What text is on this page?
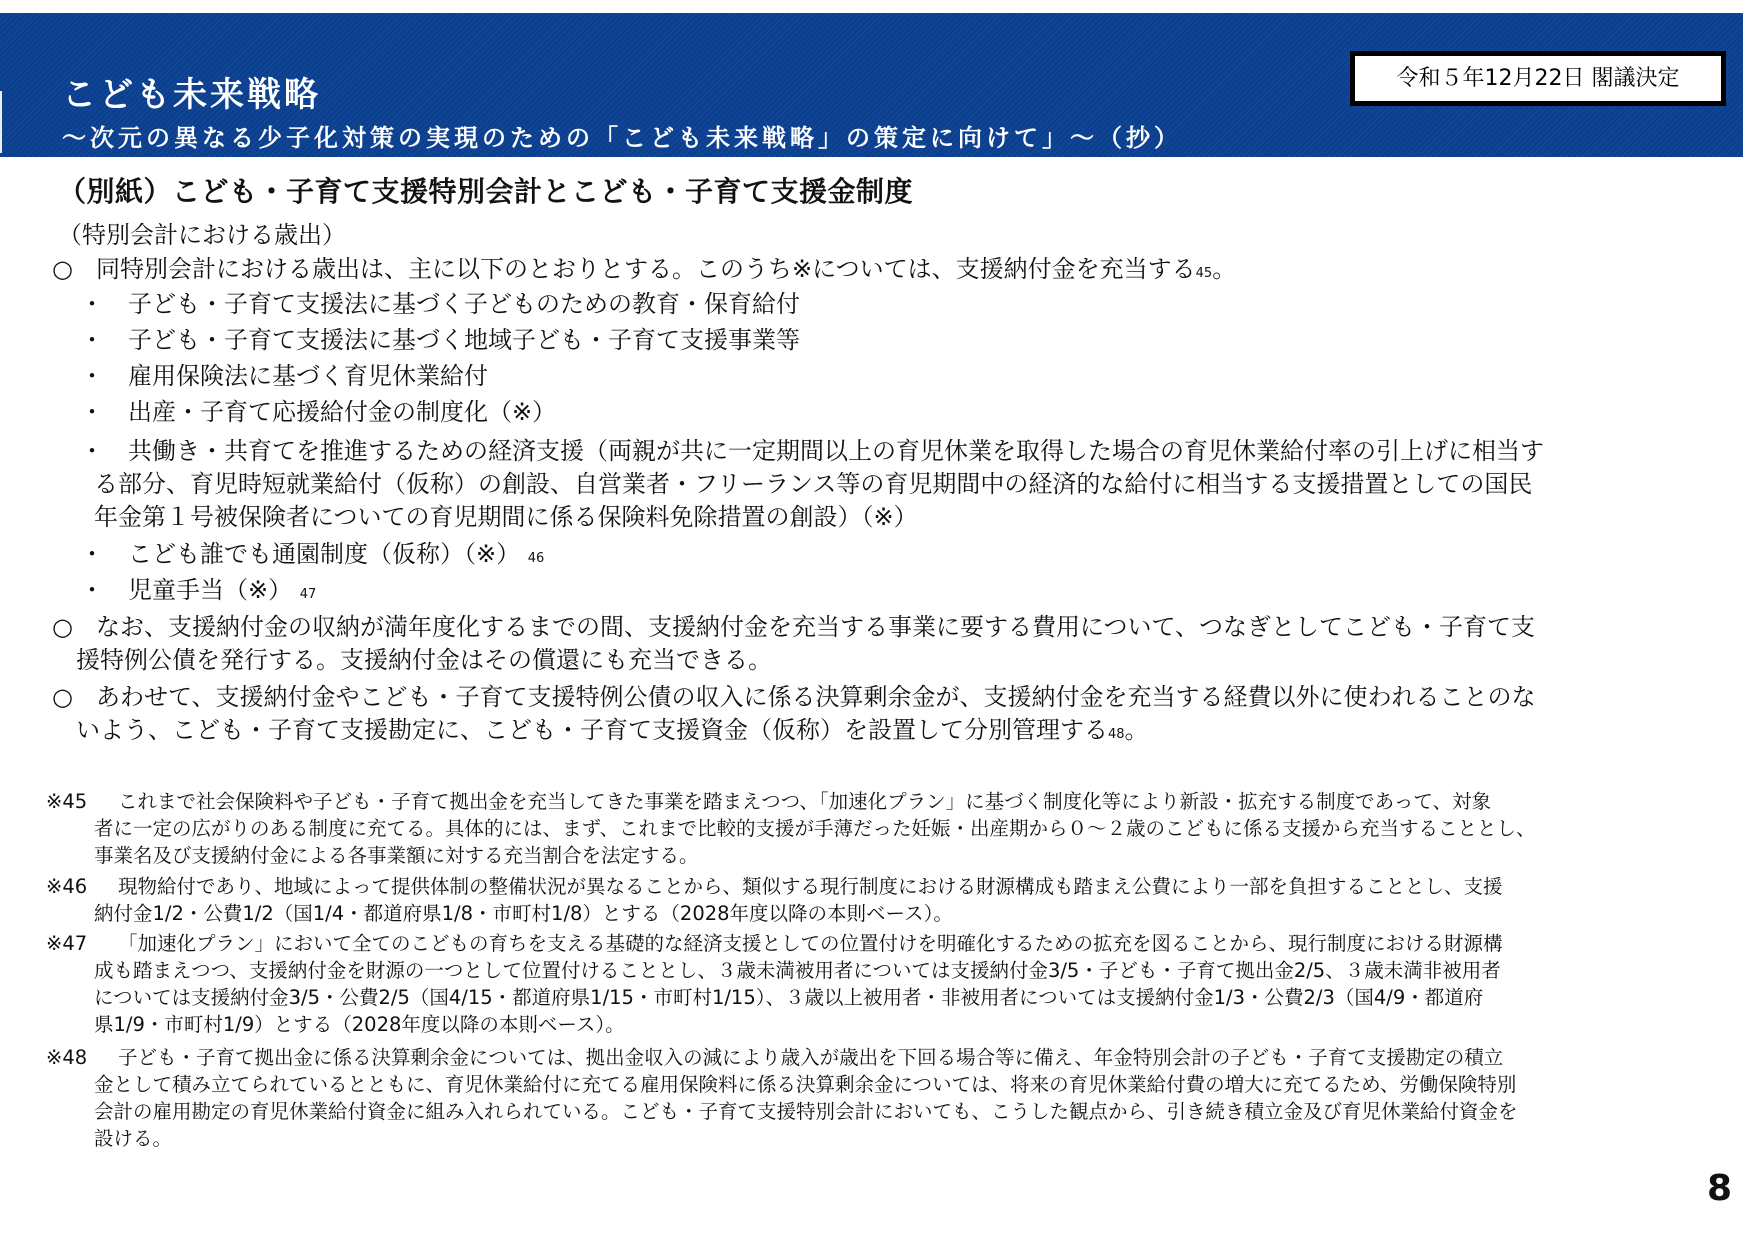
こども未来戦略
～次元の異なる少子化対策の実現のための「こども未来戦略」の策定に向けて」～（抄）
令和５年12月22日 閣議決定
（別紙）こども・子育て支援特別会計とこども・子育て支援金制度
（特別会計における歳出）
○ 同特別会計における歳出は、主に以下のとおりとする。このうち※については、支援納付金を充当する45。
・ 子ども・子育て支援法に基づく子どものための教育・保育給付
・ 子ども・子育て支援法に基づく地域子ども・子育て支援事業等
・ 雇用保険法に基づく育児休業給付
・ 出産・子育て応援給付金の制度化（※）
・ 共働き・共育てを推進するための経済支援（両親が共に一定期間以上の育児休業を取得した場合の育児休業給付率の引上げに相当す
る部分、育児時短就業給付（仮称）の創設、自営業者・フリーランス等の育児期間中の経済的な給付に相当する支援措置としての国民
年金第１号被保険者についての育児期間に係る保険料免除措置の創設）（※）
・ こども誰でも通園制度（仮称）（※） 46
・ 児童手当（※） 47
○ なお、支援納付金の収納が満年度化するまでの間、支援納付金を充当する事業に要する費用について、つなぎとしてこども・子育て支
援特例公債を発行する。支援納付金はその償還にも充当できる。
○ あわせて、支援納付金やこども・子育て支援特例公債の収入に係る決算剰余金が、支援納付金を充当する経費以外に使われることのな
いよう、こども・子育て支援勘定に、こども・子育て支援資金（仮称）を設置して分別管理する48。
※45 これまで社会保険料や子ども・子育て拠出金を充当してきた事業を踏まえつつ、「加速化プラン」に基づく制度化等により新設・拡充する制度であって、対象
者に一定の広がりのある制度に充てる。具体的には、まず、これまで比較的支援が手薄だった妊娠・出産期から０～２歳のこどもに係る支援から充当することとし、
事業名及び支援納付金による各事業額に対する充当割合を法定する。
※46 現物給付であり、地域によって提供体制の整備状況が異なることから、類似する現行制度における財源構成も踏まえ公費により一部を負担することとし、支援
納付金1/2・公費1/2（国1/4・都道府県1/8・市町村1/8）とする（2028年度以降の本則ベース）。
※47 「加速化プラン」において全てのこどもの育ちを支える基礎的な経済支援としての位置付けを明確化するための拡充を図ることから、現行制度における財源構
成も踏まえつつ、支援納付金を財源の一つとして位置付けることとし、３歳未満被用者については支援納付金3/5・子ども・子育て拠出金2/5、３歳未満非被用者
については支援納付金3/5・公費2/5（国4/15・都道府県1/15・市町村1/15）、３歳以上被用者・非被用者については支援納付金1/3・公費2/3（国4/9・都道府
県1/9・市町村1/9）とする（2028年度以降の本則ベース）。
※48 子ども・子育て拠出金に係る決算剰余金については、拠出金収入の減により歳入が歳出を下回る場合等に備え、年金特別会計の子ども・子育て支援勘定の積立
金として積み立てられているとともに、育児休業給付に充てる雇用保険料に係る決算剰余金については、将来の育児休業給付費の増大に充てるため、労働保険特別
会計の雇用勘定の育児休業給付資金に組み入れられている。こども・子育て支援特別会計においても、こうした観点から、引き続き積立金及び育児休業給付資金を
設ける。
8
